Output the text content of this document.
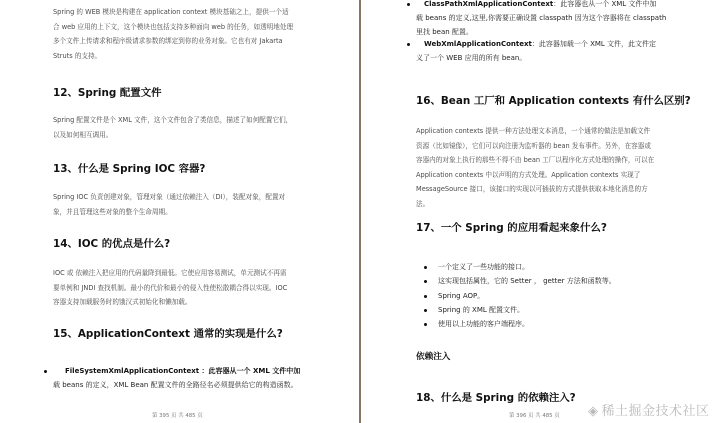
Spring 的 WEB 模块是构建在 application context 模块基础之上，提供一个适
合 web 应用的上下文，这个模块也包括支持多种面向 web 的任务，如透明地处理
多个文件上传请求和程序级请求参数的绑定到你的业务对象。它也有对 Jakarta
Struts 的支持。
12、Spring 配置文件
Spring 配置文件是个 XML 文件，这个文件包含了类信息，描述了如何配置它们，
以及如何相互调用。
13、什么是 Spring IOC 容器?
Spring IOC 负责创建对象，管理对象（通过依赖注入（DI），装配对象，配置对
象，并且管理这些对象的整个生命周期。
14、IOC 的优点是什么?
IOC 或 依赖注入把应用的代码量降到最低。它使应用容易测试，单元测试不再需
要单例和 JNDI 查找机制。最小的代价和最小的侵入性使松散耦合得以实现。IOC
容器支持加载服务时的饿汉式初始化和懒加载。
15、ApplicationContext 通常的实现是什么?
FileSystemXmlApplicationContext ：此容器从一个 XML 文件中加
载 beans 的定义，XML Bean 配置文件的全路径名必须提供给它的构造函数。
第 395 页 共 485 页
ClassPathXmlApplicationContext：此容器也从一个 XML 文件中加
载 beans 的定义,这里,你需要正确设置 classpath 因为这个容器将在 classpath
里找 bean 配置。
WebXmlApplicationContext：此容器加载一个 XML 文件，此文件定
义了一个 WEB 应用的所有 bean。
16、Bean 工厂和 Application contexts 有什么区别?
Application contexts 提供一种方法处理文本消息，一个通常的做法是加载文件
资源（比如镜像），它们可以向注册为监听器的 bean 发布事件。另外，在容器或
容器内的对象上执行的那些不得不由 bean 工厂以程序化方式处理的操作，可以在
Application contexts 中以声明的方式处理。Application contexts 实现了
MessageSource 接口，该接口的实现以可插拔的方式提供获取本地化消息的方
法。
17、一个 Spring 的应用看起来象什么?
一个定义了一些功能的接口。
这实现包括属性，它的 Setter ， getter 方法和函数等。
Spring AOP。
Spring 的 XML 配置文件。
使用以上功能的客户端程序。
依赖注入
18、什么是 Spring 的依赖注入?
第 396 页 共 485 页 ◈ 稀土掘金技术社区
